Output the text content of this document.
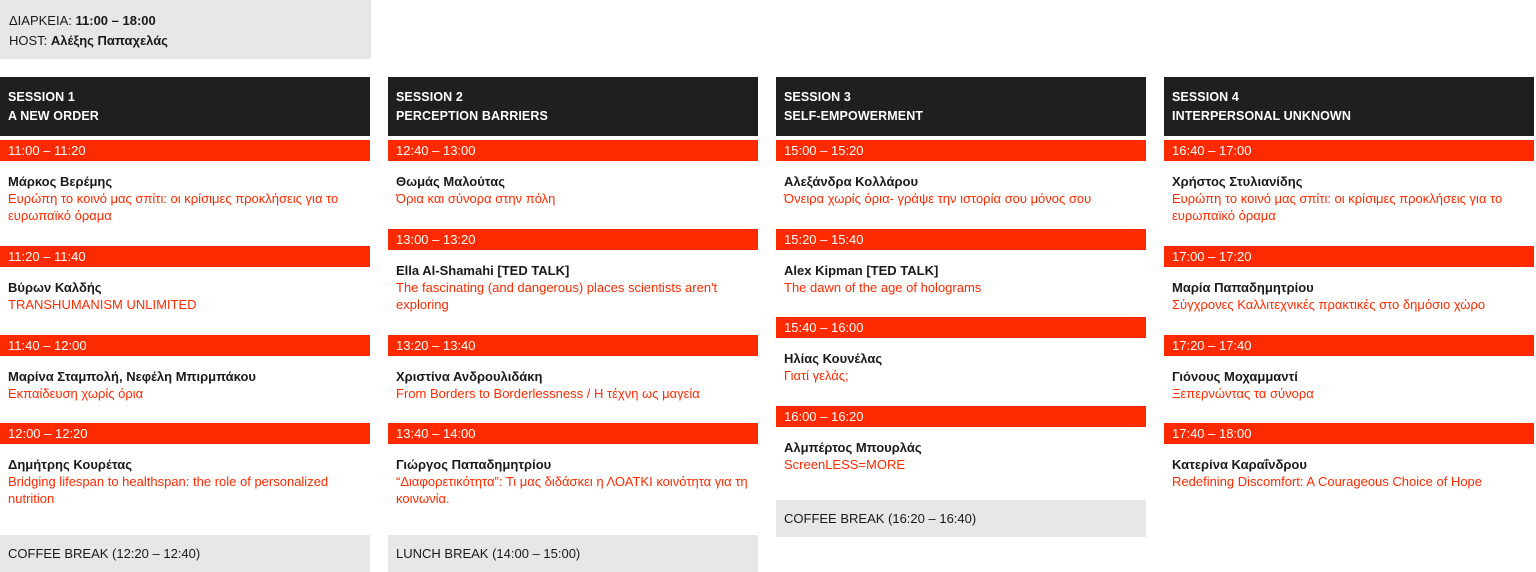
ΔΙΑΡΚΕΙΑ: 11:00 – 18:00
HOST: Αλέξης Παπαχελάς
SESSION 1
A NEW ORDER
11:00 – 11:20
Μάρκος Βερέμης
Ευρώπη το κοινό μας σπίτι: οι κρίσιμες προκλήσεις για το ευρωπαϊκό όραμα
11:20 – 11:40
Βύρων Καλδής
TRANSHUMANISM UNLIMITED
11:40 – 12:00
Μαρίνα Σταμπολή, Νεφέλη Μπιρμπάκου
Εκπαίδευση χωρίς όρια
12:00 – 12:20
Δημήτρης Κουρέτας
Bridging lifespan to healthspan: the role of personalized nutrition
COFFEE BREAK (12:20 – 12:40)
SESSION 2
PERCEPTION BARRIERS
12:40 – 13:00
Θωμάς Μαλούτας
Όρια και σύνορα στην πόλη
13:00 – 13:20
Ella Al-Shamahi [TED TALK]
The fascinating (and dangerous) places scientists aren't exploring
13:20 – 13:40
Χριστίνα Ανδρουλιδάκη
From Borders to Borderlessness / Η τέχνη ως μαγεία
13:40 – 14:00
Γιώργος Παπαδημητρίου
“Διαφορετικότητα”: Τι μας διδάσκει η ΛΟΑΤΚΙ κοινότητα για τη κοινωνία.
LUNCH BREAK (14:00 – 15:00)
SESSION 3
SELF-EMPOWERMENT
15:00 – 15:20
Αλεξάνδρα Κολλάρου
Όνειρα χωρίς όρια- γράψε την ιστορία σου μόνος σου
15:20 – 15:40
Alex Kipman [TED TALK]
The dawn of the age of holograms
15:40 – 16:00
Ηλίας Κουνέλας
Γιατί γελάς;
16:00 – 16:20
Αλμπέρτος Μπουρλάς
ScreenLESS=MORE
COFFEE BREAK (16:20 – 16:40)
SESSION 4
INTERPERSONAL UNKNOWN
16:40 – 17:00
Χρήστος Στυλιανίδης
Ευρώπη το κοινό μας σπίτι: οι κρίσιμες προκλήσεις για το ευρωπαϊκό όραμα
17:00 – 17:20
Μαρία Παπαδημητρίου
Σύγχρονες Καλλιτεχνικές πρακτικές στο δημόσιο χώρο
17:20 – 17:40
Γιόνους Μοχαμμαντί
Ξεπερνώντας τα σύνορα
17:40 – 18:00
Κατερίνα Καραΐνδρου
Redefining Discomfort: A Courageous Choice of Hope
